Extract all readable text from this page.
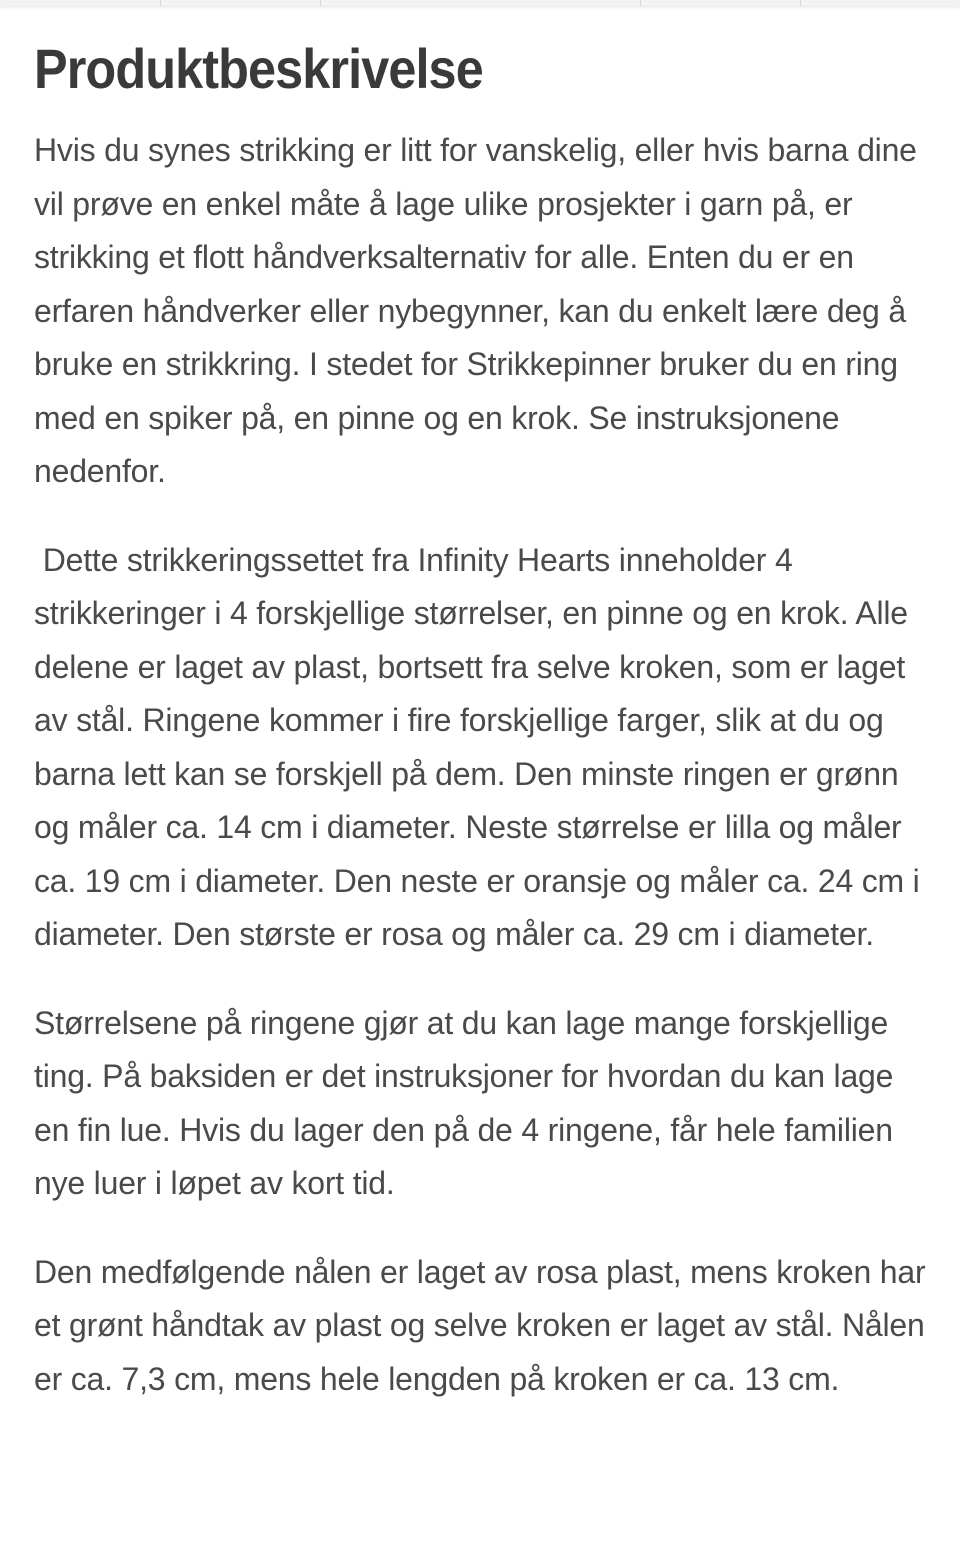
Produktbeskrivelse

Hvis du synes strikking er litt for vanskelig, eller hvis barna dine vil prøve en enkel måte å lage ulike prosjekter i garn på, er strikking et flott håndverksalternativ for alle. Enten du er en erfaren håndverker eller nybegynner, kan du enkelt lære deg å bruke en strikkring. I stedet for Strikkepinner bruker du en ring med en spiker på, en pinne og en krok. Se instruksjonene nedenfor.

Dette strikkeringssettet fra Infinity Hearts inneholder 4 strikkeringer i 4 forskjellige størrelser, en pinne og en krok. Alle delene er laget av plast, bortsett fra selve kroken, som er laget av stål. Ringene kommer i fire forskjellige farger, slik at du og barna lett kan se forskjell på dem. Den minste ringen er grønn og måler ca. 14 cm i diameter. Neste størrelse er lilla og måler ca. 19 cm i diameter. Den neste er oransje og måler ca. 24 cm i diameter. Den største er rosa og måler ca. 29 cm i diameter.

Størrelsene på ringene gjør at du kan lage mange forskjellige ting. På baksiden er det instruksjoner for hvordan du kan lage en fin lue. Hvis du lager den på de 4 ringene, får hele familien nye luer i løpet av kort tid.

Den medfølgende nålen er laget av rosa plast, mens kroken har et grønt håndtak av plast og selve kroken er laget av stål. Nålen er ca. 7,3 cm, mens hele lengden på kroken er ca. 13 cm.
